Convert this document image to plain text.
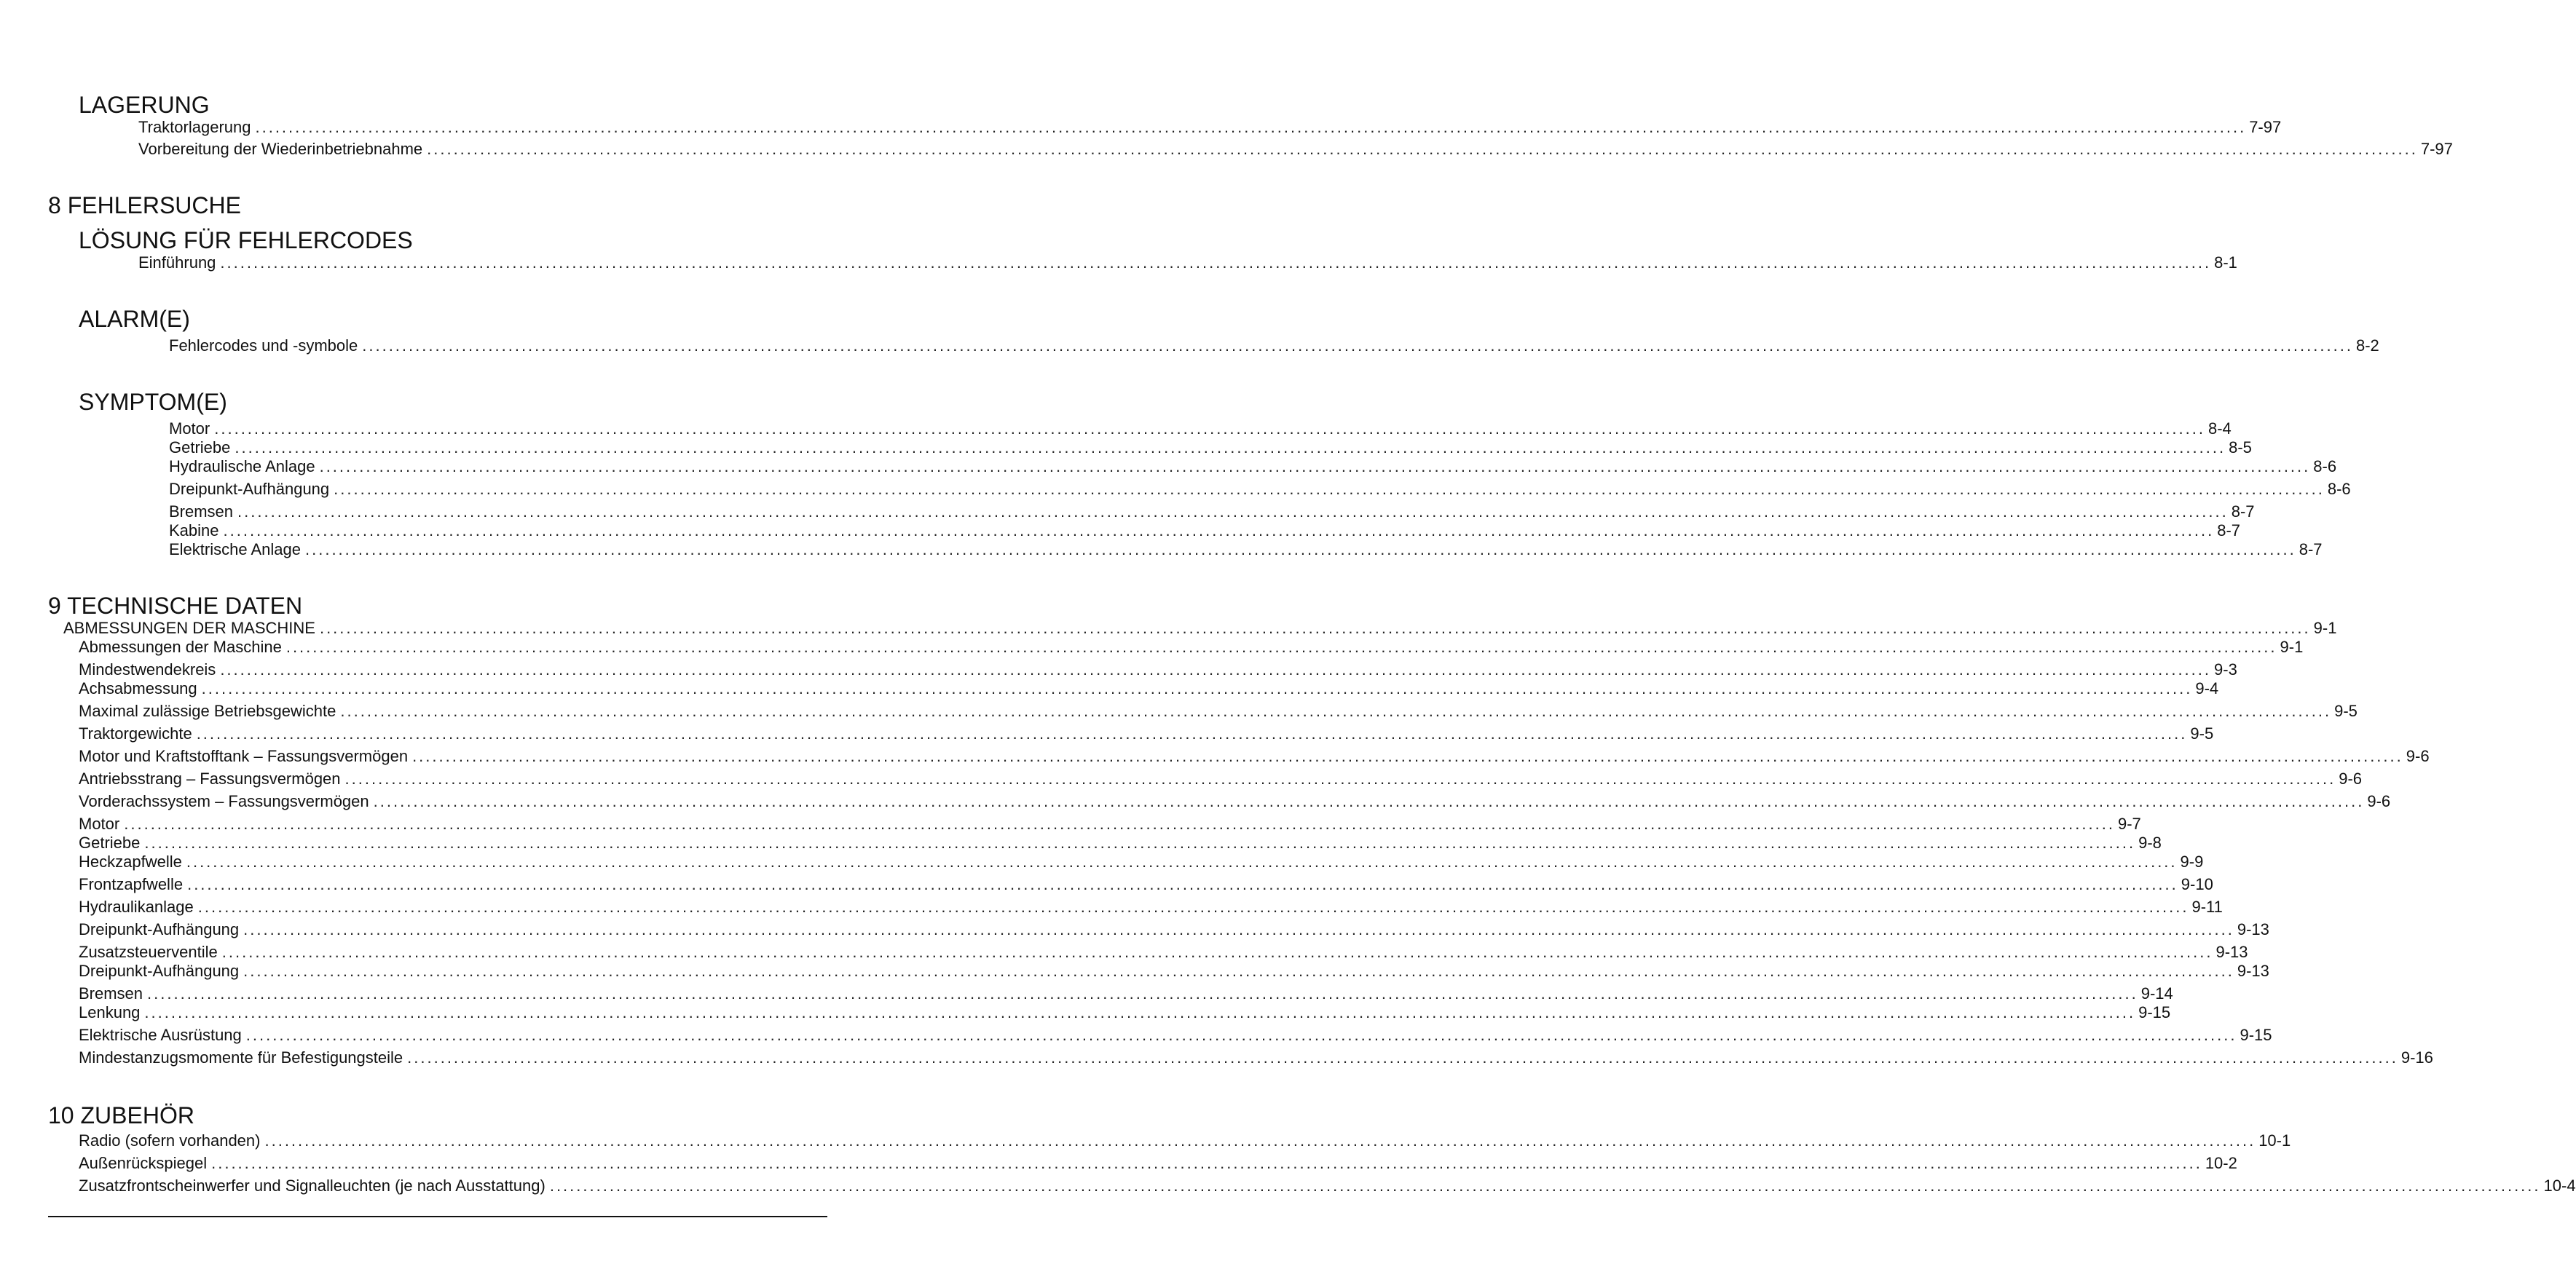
LAGERUNG
Traktorlagerung ............................................................................................................................................................................................................................................................................................................ 7-97
Vorbereitung der Wiederinbetriebnahme ............................................................................................................................................................................................................................................................................................................ 7-97
8 FEHLERSUCHE
LÖSUNG FÜR FEHLERCODES
Einführung ............................................................................................................................................................................................................................................................................................................ 8-1
ALARM(E)
Fehlercodes und -symbole ............................................................................................................................................................................................................................................................................................................ 8-2
SYMPTOM(E)
Motor ............................................................................................................................................................................................................................................................................................................ 8-4
Getriebe ............................................................................................................................................................................................................................................................................................................ 8-5
Hydraulische Anlage ............................................................................................................................................................................................................................................................................................................ 8-6
Dreipunkt-Aufhängung ............................................................................................................................................................................................................................................................................................................ 8-6
Bremsen ............................................................................................................................................................................................................................................................................................................ 8-7
Kabine ............................................................................................................................................................................................................................................................................................................ 8-7
Elektrische Anlage ............................................................................................................................................................................................................................................................................................................ 8-7
9 TECHNISCHE DATEN
ABMESSUNGEN DER MASCHINE ............................................................................................................................................................................................................................................................................................................ 9-1
Abmessungen der Maschine ............................................................................................................................................................................................................................................................................................................ 9-1
Mindestwendekreis ............................................................................................................................................................................................................................................................................................................ 9-3
Achsabmessung ............................................................................................................................................................................................................................................................................................................ 9-4
Maximal zulässige Betriebsgewichte ............................................................................................................................................................................................................................................................................................................ 9-5
Traktorgewichte ............................................................................................................................................................................................................................................................................................................ 9-5
Motor und Kraftstofftank – Fassungsvermögen ............................................................................................................................................................................................................................................................................................................ 9-6
Antriebsstrang – Fassungsvermögen ............................................................................................................................................................................................................................................................................................................ 9-6
Vorderachssystem – Fassungsvermögen ............................................................................................................................................................................................................................................................................................................ 9-6
Motor ............................................................................................................................................................................................................................................................................................................ 9-7
Getriebe ............................................................................................................................................................................................................................................................................................................ 9-8
Heckzapfwelle ............................................................................................................................................................................................................................................................................................................ 9-9
Frontzapfwelle ............................................................................................................................................................................................................................................................................................................ 9-10
Hydraulikanlage ............................................................................................................................................................................................................................................................................................................ 9-11
Dreipunkt-Aufhängung ............................................................................................................................................................................................................................................................................................................ 9-13
Zusatzsteuerventile ............................................................................................................................................................................................................................................................................................................ 9-13
Dreipunkt-Aufhängung ............................................................................................................................................................................................................................................................................................................ 9-13
Bremsen ............................................................................................................................................................................................................................................................................................................ 9-14
Lenkung ............................................................................................................................................................................................................................................................................................................ 9-15
Elektrische Ausrüstung ............................................................................................................................................................................................................................................................................................................ 9-15
Mindestanzugsmomente für Befestigungsteile ............................................................................................................................................................................................................................................................................................................ 9-16
10 ZUBEHÖR
Radio (sofern vorhanden) ............................................................................................................................................................................................................................................................................................................ 10-1
Außenrückspiegel ............................................................................................................................................................................................................................................................................................................ 10-2
Zusatzfrontscheinwerfer und Signalleuchten (je nach Ausstattung) ............................................................................................................................................................................................................................................................................................................ 10-4
